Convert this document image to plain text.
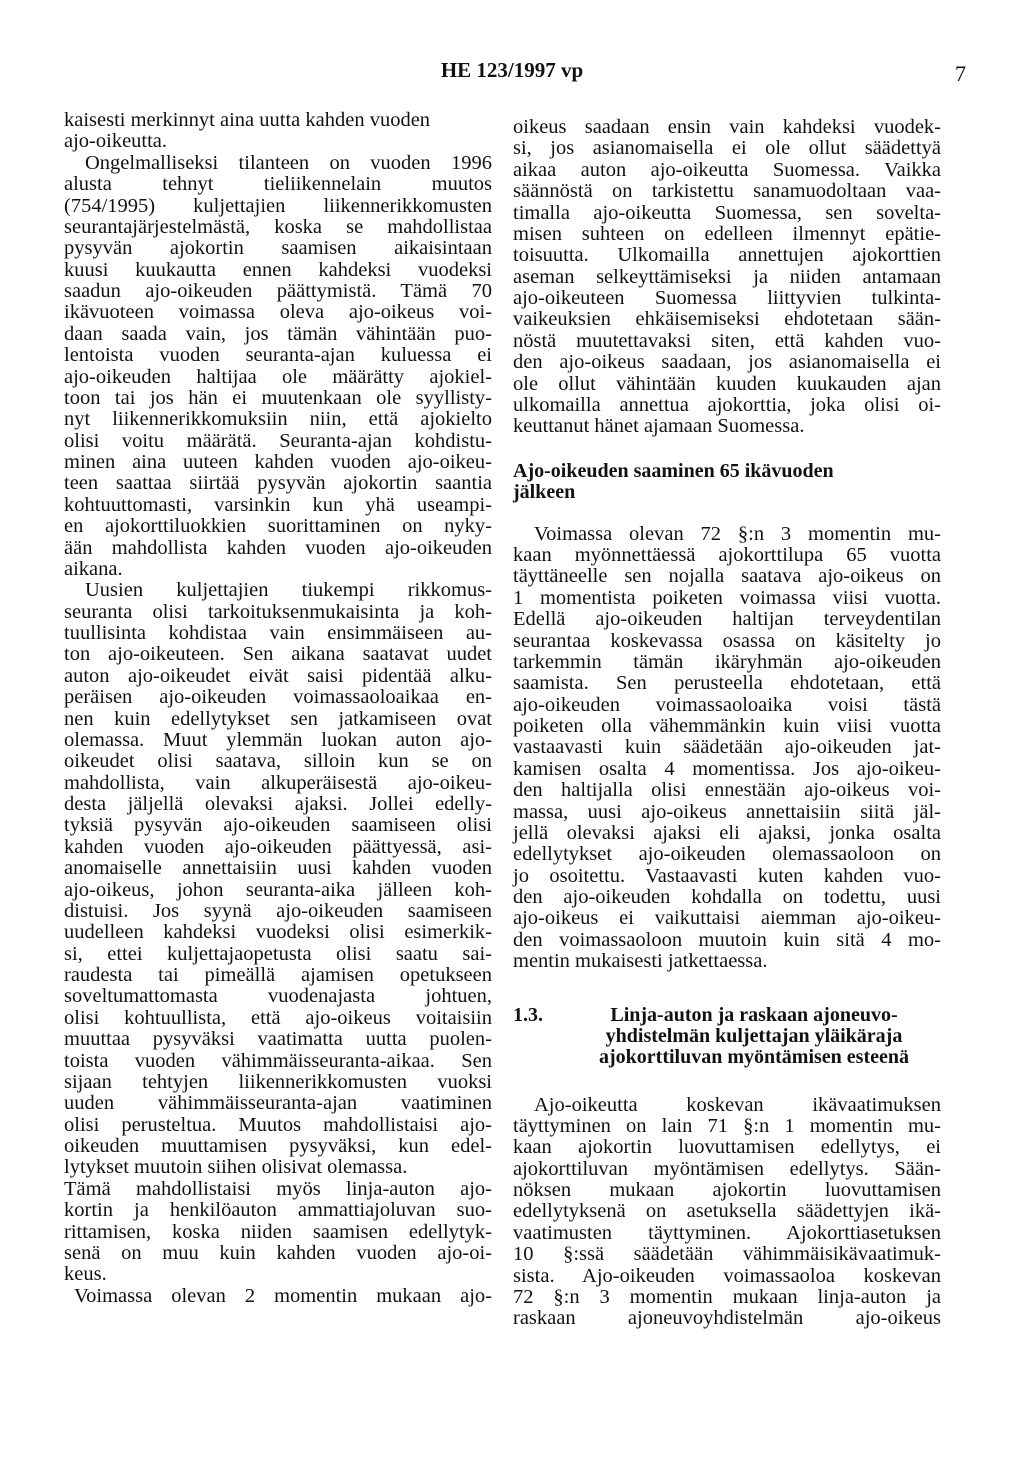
HE 123/1997 vp	7
kaisesti merkinnyt aina uutta kahden vuoden
ajo-oikeutta.
Ongelmalliseksi tilanteen on vuoden 1996
alusta tehnyt tieliikennelain muutos
(754/1995) kuljettajien liikennerikkomusten
seurantajärjestelmästä, koska se mahdollistaa
pysyvän ajokortin saamisen aikaisintaan
kuusi kuukautta ennen kahdeksi vuodeksi
saadun ajo-oikeuden päättymistä. Tämä 70
ikävuoteen voimassa oleva ajo-oikeus voi-
daan saada vain, jos tämän vähintään puo-
lentoista vuoden seuranta-ajan kuluessa ei
ajo-oikeuden haltijaa ole määrätty ajokiel-
toon tai jos hän ei muutenkaan ole syyllisty-
nyt liikennerikkomuksiin niin, että ajokielto
olisi voitu määrätä. Seuranta-ajan kohdistu-
minen aina uuteen kahden vuoden ajo-oikeu-
teen saattaa siirtää pysyvän ajokortin saantia
kohtuuttomasti, varsinkin kun yhä useampi-
en ajokorttiluokkien suorittaminen on nyky-
ään mahdollista kahden vuoden ajo-oikeuden
aikana.
Uusien kuljettajien tiukempi rikkomus-
seuranta olisi tarkoituksenmukaisinta ja koh-
tuullisinta kohdistaa vain ensimmäiseen au-
ton ajo-oikeuteen. Sen aikana saatavat uudet
auton ajo-oikeudet eivät saisi pidentää alku-
peräisen ajo-oikeuden voimassaoloaikaa en-
nen kuin edellytykset sen jatkamiseen ovat
olemassa. Muut ylemmän luokan auton ajo-
oikeudet olisi saatava, silloin kun se on
mahdollista, vain alkuperäisestä ajo-oikeu-
desta jäljellä olevaksi ajaksi. Jollei edelly-
tyksiä pysyvän ajo-oikeuden saamiseen olisi
kahden vuoden ajo-oikeuden päättyessä, asi-
anomaiselle annettaisiin uusi kahden vuoden
ajo-oikeus, johon seuranta-aika jälleen koh-
distuisi. Jos syynä ajo-oikeuden saamiseen
uudelleen kahdeksi vuodeksi olisi esimerkik-
si, ettei kuljettajaopetusta olisi saatu sai-
raudesta tai pimeällä ajamisen opetukseen
soveltumattomasta vuodenajasta johtuen,
olisi kohtuullista, että ajo-oikeus voitaisiin
muuttaa pysyväksi vaatimatta uutta puolen-
toista vuoden vähimmäisseuranta-aikaa. Sen
sijaan tehtyjen liikennerikkomusten vuoksi
uuden vähimmäisseuranta-ajan vaatiminen
olisi perusteltua. Muutos mahdollistaisi ajo-
oikeuden muuttamisen pysyväksi, kun edel-
lytykset muutoin siihen olisivat olemassa.
Tämä mahdollistaisi myös linja-auton ajo-
kortin ja henkilöauton ammattiajoluvan suo-
rittamisen, koska niiden saamisen edellytyk-
senä on muu kuin kahden vuoden ajo-oi-
keus.
Voimassa olevan 2 momentin mukaan ajo-
oikeus saadaan ensin vain kahdeksi vuodek-
si, jos asianomaisella ei ole ollut säädettyä
aikaa auton ajo-oikeutta Suomessa. Vaikka
säännöstä on tarkistettu sanamuodoltaan vaa-
timalla ajo-oikeutta Suomessa, sen soveltа-
misen suhteen on edelleen ilmennyt epätie-
toisuutta. Ulkomailla annettujen ajokorttien
aseman selkeyttämiseksi ja niiden antamaan
ajo-oikeuteen Suomessa liittyvien tulkinta-
vaikeuksien ehkäisemiseksi ehdotetaan sään-
nöstä muutettavaksi siten, että kahden vuo-
den ajo-oikeus saadaan, jos asianomaisella ei
ole ollut vähintään kuuden kuukauden ajan
ulkomailla annettua ajokorttia, joka olisi oi-
keuttanut hänet ajamaan Suomessa.
Ajo-oikeuden saaminen 65 ikävuoden
jälkeen
Voimassa olevan 72 §:n 3 momentin mu-
kaan myönnettäessä ajokorttilupa 65 vuotta
täyttäneelle sen nojalla saatava ajo-oikeus on
1 momentista poiketen voimassa viisi vuotta.
Edellä ajo-oikeuden haltijan terveydentilan
seurantaa koskevassa osassa on käsitelty jo
tarkemmin tämän ikäryhmän ajo-oikeuden
saamista. Sen perusteella ehdotetaan, että
ajo-oikeuden voimassaoloaika voisi tästä
poiketen olla vähemmänkin kuin viisi vuotta
vastaavasti kuin säädetään ajo-oikeuden jat-
kamisen osalta 4 momentissa. Jos ajo-oikeu-
den haltijalla olisi ennestään ajo-oikeus voi-
massa, uusi ajo-oikeus annettaisiin siitä jäl-
jellä olevaksi ajaksi eli ajaksi, jonka osalta
edellytykset ajo-oikeuden olemassaoloon on
jo osoitettu. Vastaavasti kuten kahden vuo-
den ajo-oikeuden kohdalla on todettu, uusi
ajo-oikeus ei vaikuttaisi aiemman ajo-oikeu-
den voimassaoloon muutoin kuin sitä 4 mo-
mentin mukaisesti jatkettaessa.
1.3.	Linja-auton ja raskaan ajoneuvo-
yhdistelmän kuljettajan yläikäraja
ajokorttiluvan myöntämisen esteenä
Ajo-oikeutta koskevan ikävaatimuksen
täyttyminen on lain 71 §:n 1 momentin mu-
kaan ajokortin luovuttamisen edellytys, ei
ajokorttiluvan myöntämisen edellytys. Sään-
nöksen mukaan ajokortin luovuttamisen
edellytyksenä on asetuksella säädettyjen ikä-
vaatimusten täyttyminen. Ajokorttiasetuksen
10 §:ssä säädetään vähimmäisikävaatimuk-
sista. Ajo-oikeuden voimassaoloa koskevan
72 §:n 3 momentin mukaan linja-auton ja
raskaan ajoneuvoyhdistelmän ajo-oikeus
